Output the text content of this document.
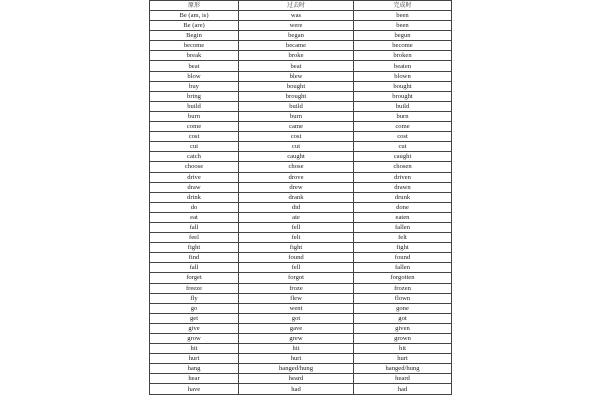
原形	过去时	完成时
Be (am, is)	was	been
Be (are)	were	been
Begin	began	begun
become	became	become
break	broke	broken
beat	beat	beaten
blow	blew	blown
buy	bought	bought
bring	brought	brought
build	build	build
burn	burn	burn
come	came	come
cost	cost	cost
cut	cut	cut
catch	caught	caught
choose	chose	chosen
drive	drove	driven
draw	drew	drawn
drink	drank	drunk
do	did	done
eat	ate	eaten
fall	fell	fallen
feel	felt	felt
fight	fight	fight
find	found	found
fall	fell	fallen
forget	forgot	forgotten
freeze	froze	frozen
fly	flew	flown
go	went	gone
get	got	got
give	gave	given
grow	grew	grown
hit	hit	hit
hurt	hurt	hurt
hang	hanged/hung	hanged/hung
hear	heard	heard
have	had	had
